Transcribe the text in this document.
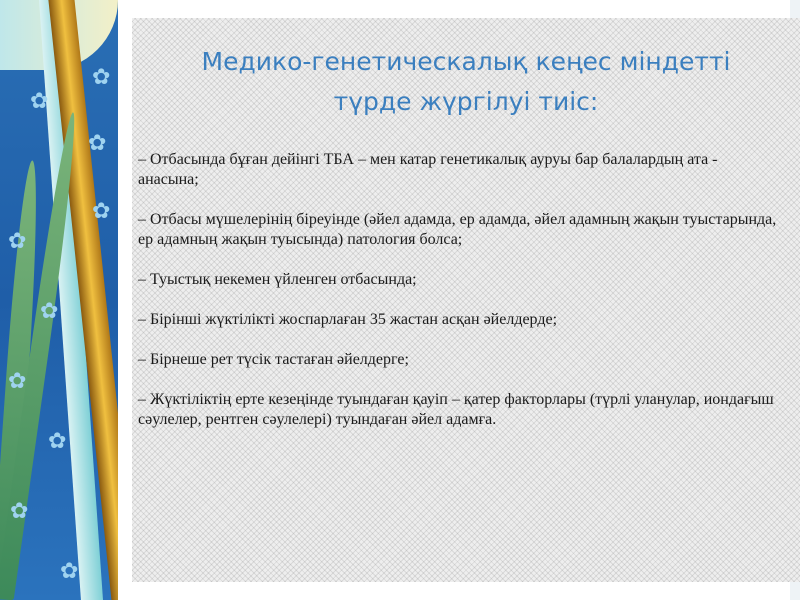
✿
✿
✿
✿
✿
✿
✿
✿
✿
✿
Медико-генетическалық кеңес міндетті
түрде жүргілуі тиіс:
– Отбасында бұған дейінгі ТБА – мен катар генетикалық ауруы бар балалардың ата - анасына;
– Отбасы мүшелерінің біреуінде (әйел адамда, ер адамда, әйел адамның жақын туыстарында, ер адамның жақын туысында) патология болса;
– Туыстық некемен үйленген отбасында;
– Бірінші жүктілікті жоспарлаған 35 жастан асқан әйелдерде;
– Бірнеше рет түсік тастаған әйелдерге;
– Жүктіліктің ерте кезеңінде туындаған қауіп – қатер факторлары (түрлі уланулар, иондағыш сәулелер, рентген сәулелері) туындаған әйел адамға.
